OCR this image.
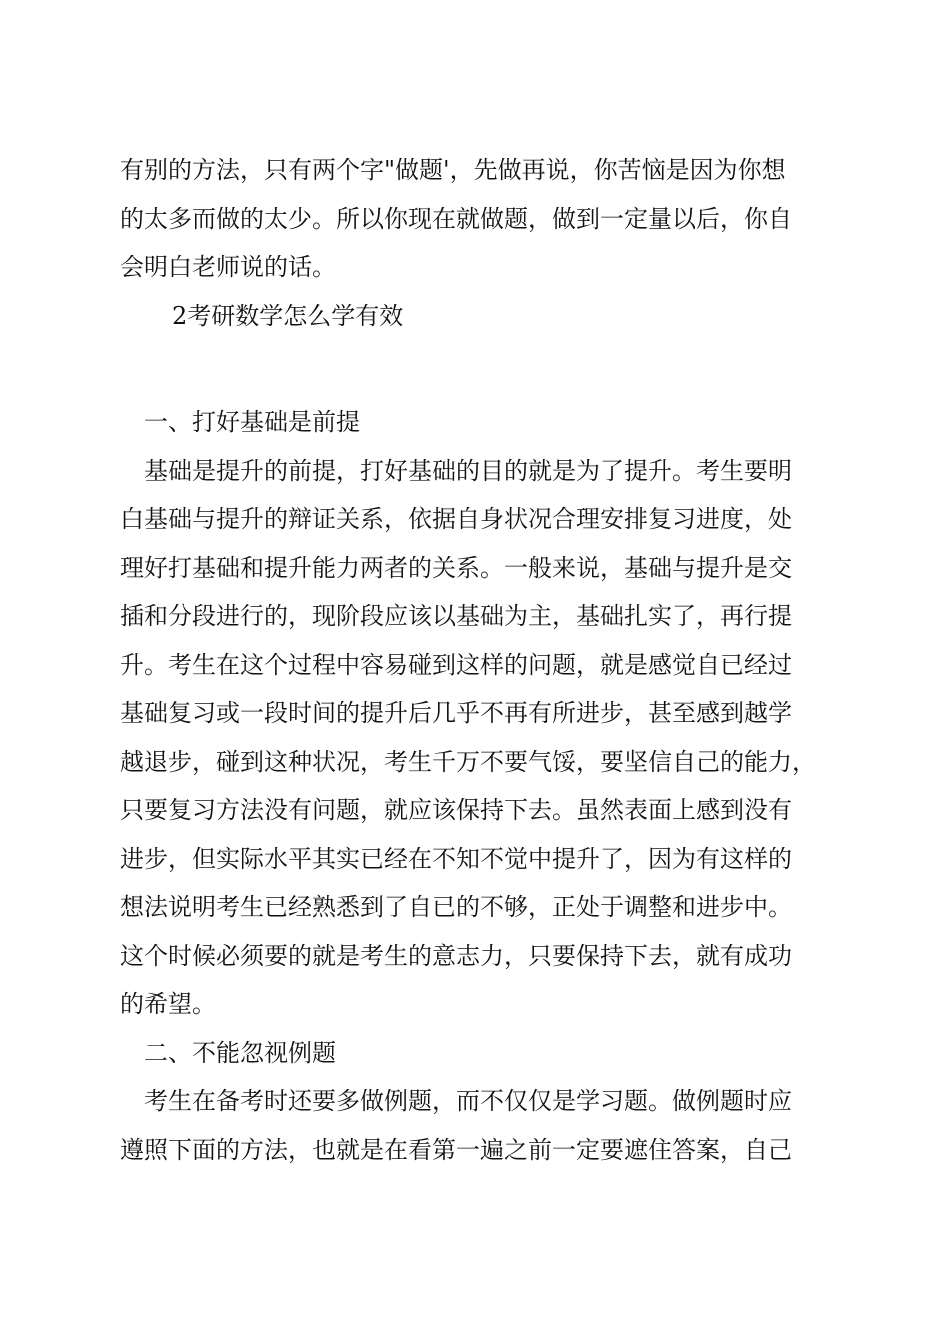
有别的方法，只有两个字"做题'，先做再说，你苦恼是因为你想
的太多而做的太少。所以你现在就做题，做到一定量以后，你自
会明白老师说的话。
2考研数学怎么学有效
一、打好基础是前提
基础是提升的前提，打好基础的目的就是为了提升。考生要明
白基础与提升的辩证关系，依据自身状况合理安排复习进度，处
理好打基础和提升能力两者的关系。一般来说，基础与提升是交
插和分段进行的，现阶段应该以基础为主，基础扎实了，再行提
升。考生在这个过程中容易碰到这样的问题，就是感觉自已经过
基础复习或一段时间的提升后几乎不再有所进步，甚至感到越学
越退步，碰到这种状况，考生千万不要气馁，要坚信自己的能力，
只要复习方法没有问题，就应该保持下去。虽然表面上感到没有
进步，但实际水平其实已经在不知不觉中提升了，因为有这样的
想法说明考生已经熟悉到了自已的不够，正处于调整和进步中。
这个时候必须要的就是考生的意志力，只要保持下去，就有成功
的希望。
二、不能忽视例题
考生在备考时还要多做例题，而不仅仅是学习题。做例题时应
遵照下面的方法，也就是在看第一遍之前一定要遮住答案，自己
